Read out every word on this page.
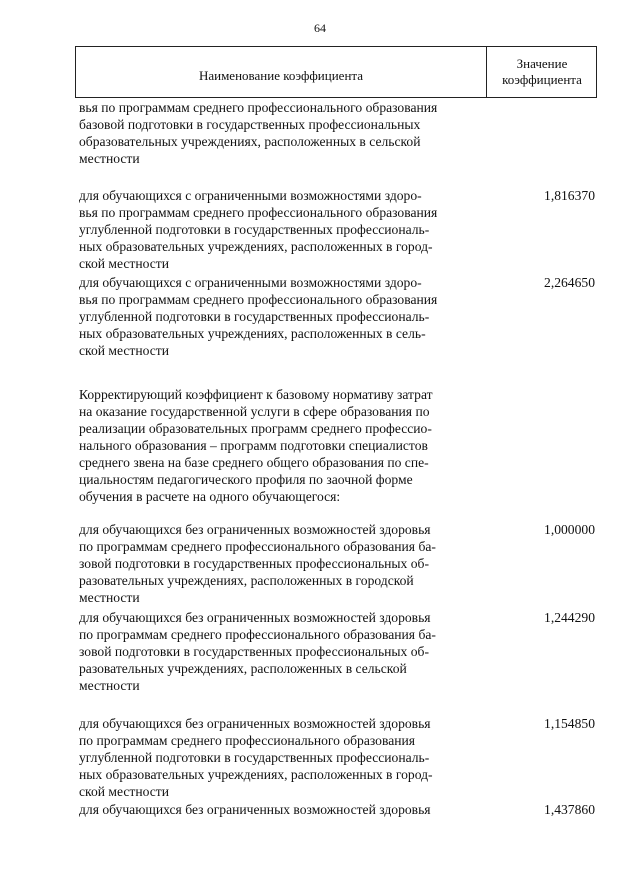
64
Наименование коэффициента
Значение
коэффициента
вья по программам среднего профессионального образования
базовой подготовки в государственных профессиональных
образовательных учреждениях, расположенных в сельской
местности
для обучающихся с ограниченными возможностями здоро-
вья по программам среднего профессионального образования
углубленной подготовки в государственных профессиональ-
ных образовательных учреждениях, расположенных в город-
ской местности
1,816370
для обучающихся с ограниченными возможностями здоро-
вья по программам среднего профессионального образования
углубленной подготовки в государственных профессиональ-
ных образовательных учреждениях, расположенных в сель-
ской местности
2,264650
Корректирующий коэффициент к базовому нормативу затрат
на оказание государственной услуги в сфере образования по
реализации образовательных программ среднего профессио-
нального образования – программ подготовки специалистов
среднего звена на базе среднего общего образования по спе-
циальностям педагогического профиля по заочной форме
обучения в расчете на одного обучающегося:
для обучающихся без ограниченных возможностей здоровья
по программам среднего профессионального образования ба-
зовой подготовки в государственных профессиональных об-
разовательных учреждениях, расположенных в городской
местности
1,000000
для обучающихся без ограниченных возможностей здоровья
по программам среднего профессионального образования ба-
зовой подготовки в государственных профессиональных об-
разовательных учреждениях, расположенных в сельской
местности
1,244290
для обучающихся без ограниченных возможностей здоровья
по программам среднего профессионального образования
углубленной подготовки в государственных профессиональ-
ных образовательных учреждениях, расположенных в город-
ской местности
1,154850
для обучающихся без ограниченных возможностей здоровья	1,437860
